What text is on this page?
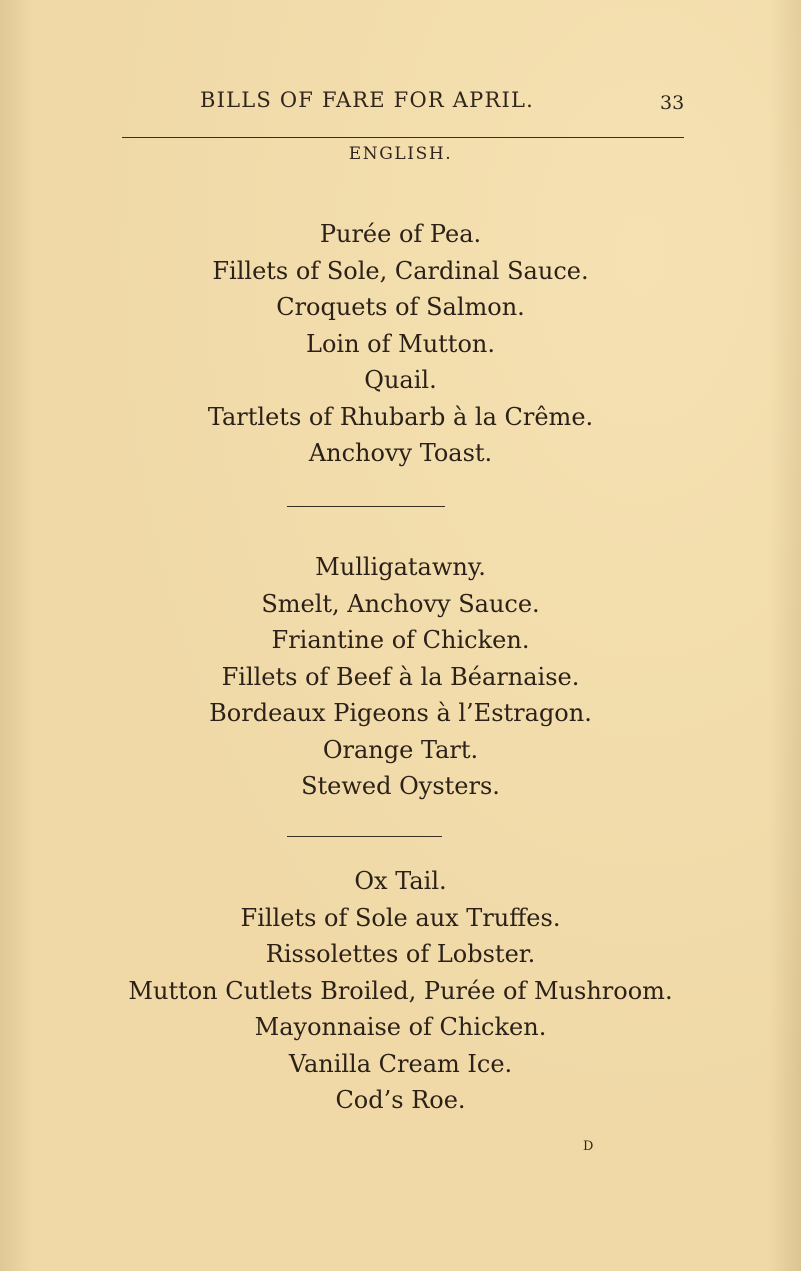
BILLS OF FARE FOR APRIL.	33
ENGLISH.
Purée of Pea.
Fillets of Sole, Cardinal Sauce.
Croquets of Salmon.
Loin of Mutton.
Quail.
Tartlets of Rhubarb à la Crême.
Anchovy Toast.
Mulligatawny.
Smelt, Anchovy Sauce.
Friantine of Chicken.
Fillets of Beef à la Béarnaise.
Bordeaux Pigeons à l’Estragon.
Orange Tart.
Stewed Oysters.
Ox Tail.
Fillets of Sole aux Truffes.
Rissolettes of Lobster.
Mutton Cutlets Broiled, Purée of Mushroom.
Mayonnaise of Chicken.
Vanilla Cream Ice.
Cod’s Roe.
D
